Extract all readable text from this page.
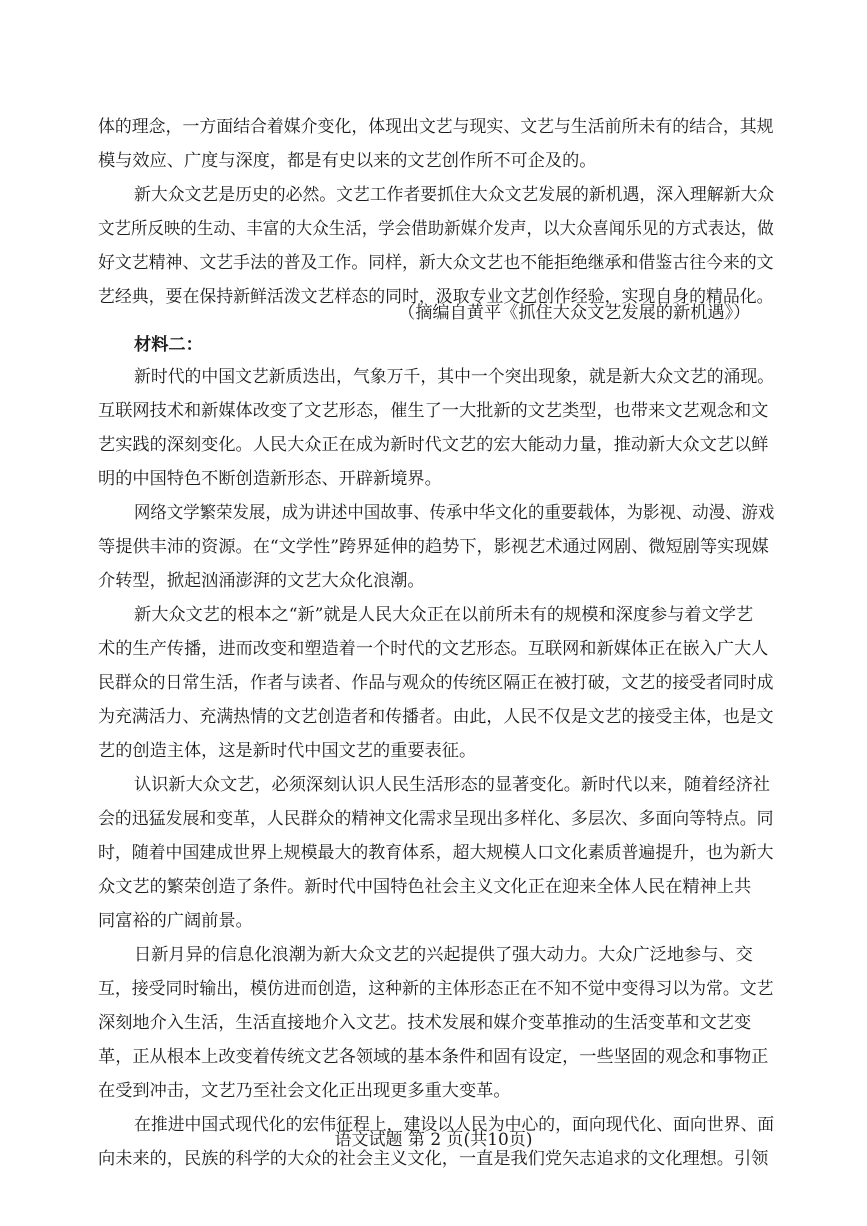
体的理念，一方面结合着媒介变化，体现出文艺与现实、文艺与生活前所未有的结合，其规
模与效应、广度与深度，都是有史以来的文艺创作所不可企及的。
新大众文艺是历史的必然。文艺工作者要抓住大众文艺发展的新机遇，深入理解新大众
文艺所反映的生动、丰富的大众生活，学会借助新媒介发声，以大众喜闻乐见的方式表达，做
好文艺精神、文艺手法的普及工作。同样，新大众文艺也不能拒绝继承和借鉴古往今来的文
艺经典，要在保持新鲜活泼文艺样态的同时，汲取专业文艺创作经验，实现自身的精品化。
（摘编自黄平《抓住大众文艺发展的新机遇》）
材料二：
新时代的中国文艺新质迭出，气象万千，其中一个突出现象，就是新大众文艺的涌现。
互联网技术和新媒体改变了文艺形态，催生了一大批新的文艺类型，也带来文艺观念和文
艺实践的深刻变化。人民大众正在成为新时代文艺的宏大能动力量，推动新大众文艺以鲜
明的中国特色不断创造新形态、开辟新境界。
网络文学繁荣发展，成为讲述中国故事、传承中华文化的重要载体，为影视、动漫、游戏
等提供丰沛的资源。在“文学性”跨界延伸的趋势下，影视艺术通过网剧、微短剧等实现媒
介转型，掀起汹涌澎湃的文艺大众化浪潮。
新大众文艺的根本之“新”就是人民大众正在以前所未有的规模和深度参与着文学艺
术的生产传播，进而改变和塑造着一个时代的文艺形态。互联网和新媒体正在嵌入广大人
民群众的日常生活，作者与读者、作品与观众的传统区隔正在被打破，文艺的接受者同时成
为充满活力、充满热情的文艺创造者和传播者。由此，人民不仅是文艺的接受主体，也是文
艺的创造主体，这是新时代中国文艺的重要表征。
认识新大众文艺，必须深刻认识人民生活形态的显著变化。新时代以来，随着经济社
会的迅猛发展和变革，人民群众的精神文化需求呈现出多样化、多层次、多面向等特点。同
时，随着中国建成世界上规模最大的教育体系，超大规模人口文化素质普遍提升，也为新大
众文艺的繁荣创造了条件。新时代中国特色社会主义文化正在迎来全体人民在精神上共
同富裕的广阔前景。
日新月异的信息化浪潮为新大众文艺的兴起提供了强大动力。大众广泛地参与、交
互，接受同时输出，模仿进而创造，这种新的主体形态正在不知不觉中变得习以为常。文艺
深刻地介入生活，生活直接地介入文艺。技术发展和媒介变革推动的生活变革和文艺变
革，正从根本上改变着传统文艺各领域的基本条件和固有设定，一些坚固的观念和事物正
在受到冲击，文艺乃至社会文化正出现更多重大变革。
在推进中国式现代化的宏伟征程上，建设以人民为中心的，面向现代化、面向世界、面
向未来的，民族的科学的大众的社会主义文化，一直是我们党矢志追求的文化理想。引领
语文试题 第 2 页(共10页)
